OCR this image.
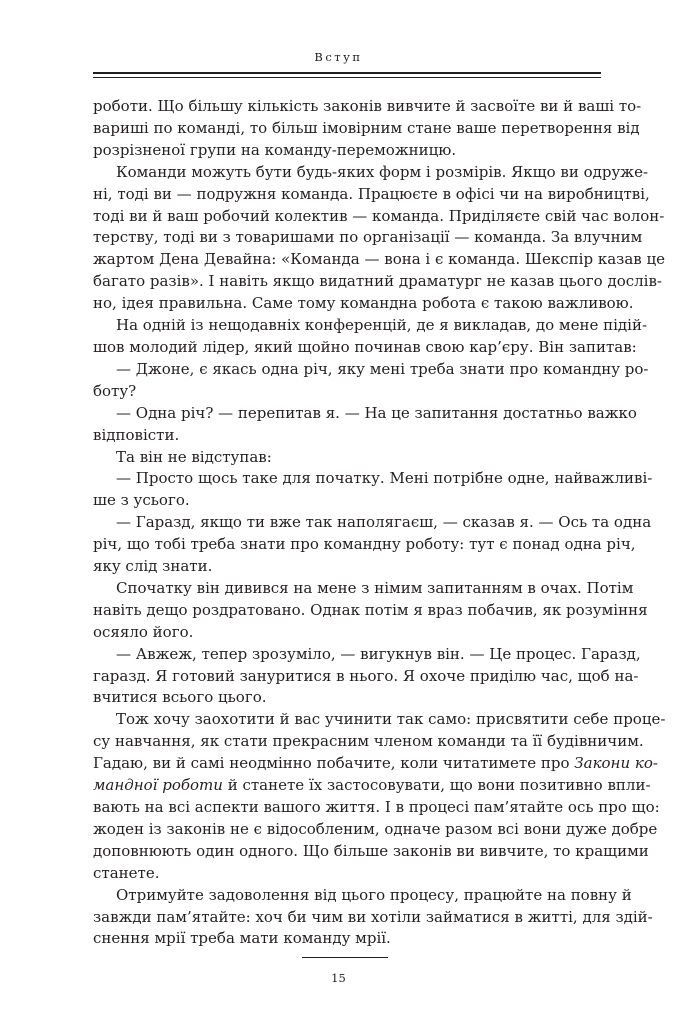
Вступ
роботи. Що більшу кількість законів вивчите й засвоїте ви й ваші то-
вариші по команді, то більш імовірним стане ваше перетворення від
розрізненої групи на команду-переможницю.
Команди можуть бути будь-яких форм і розмірів. Якщо ви одружe-
ні, тоді ви — подружня команда. Працюєте в офісі чи на виробництві,
тоді ви й ваш робочий колектив — команда. Приділяєте свій час волон-
терству, тоді ви з товаришами по організації — команда. За влучним
жартом Дена Девайна: «Команда — вона і є команда. Шекспір казав це
багато разів». І навіть якщо видатний драматург не казав цього дослів-
но, ідея правильна. Саме тому командна робота є такою важливою.
На одній із нещодавніх конференцій, де я викладав, до мене підій-
шов молодий лідер, який щойно починав свою кар’єру. Він запитав:
— Джоне, є якась одна річ, яку мені треба знати про командну ро-
боту?
— Одна річ? — перепитав я. — На це запитання достатньо важко
відповісти.
Та він не відступав:
— Просто щось таке для початку. Мені потрібне одне, найважливі-
ше з усього.
— Гаразд, якщо ти вже так наполягаєш, — сказав я. — Ось та одна
річ, що тобі треба знати про командну роботу: тут є понад одна річ,
яку слід знати.
Спочатку він дивився на мене з німим запитанням в очах. Потім
навіть дещо роздратовано. Однак потім я враз побачив, як розуміння
осяяло його.
— Авжеж, тепер зрозуміло, — вигукнув він. — Це процес. Гаразд,
гаразд. Я готовий зануритися в нього. Я охоче приділю час, щоб на-
вчитися всього цього.
Тож хочу заохотити й вас учинити так само: присвятити себе проце-
су навчання, як стати прекрасним членом команди та її будівничим.
Гадаю, ви й самі неодмінно побачите, коли читатимете про Закони ко-
мандної роботи й станете їх застосовувати, що вони позитивно впли-
вають на всі аспекти вашого життя. І в процесі пам’ятайте ось про що:
жоден із законів не є відособленим, одначе разом всі вони дуже добре
доповнюють один одного. Що більше законів ви вивчите, то кращими
станете.
Отримуйте задоволення від цього процесу, працюйте на повну й
завжди пам’ятайте: хоч би чим ви хотіли займатися в житті, для здій-
снення мрії треба мати команду мрії.
15
